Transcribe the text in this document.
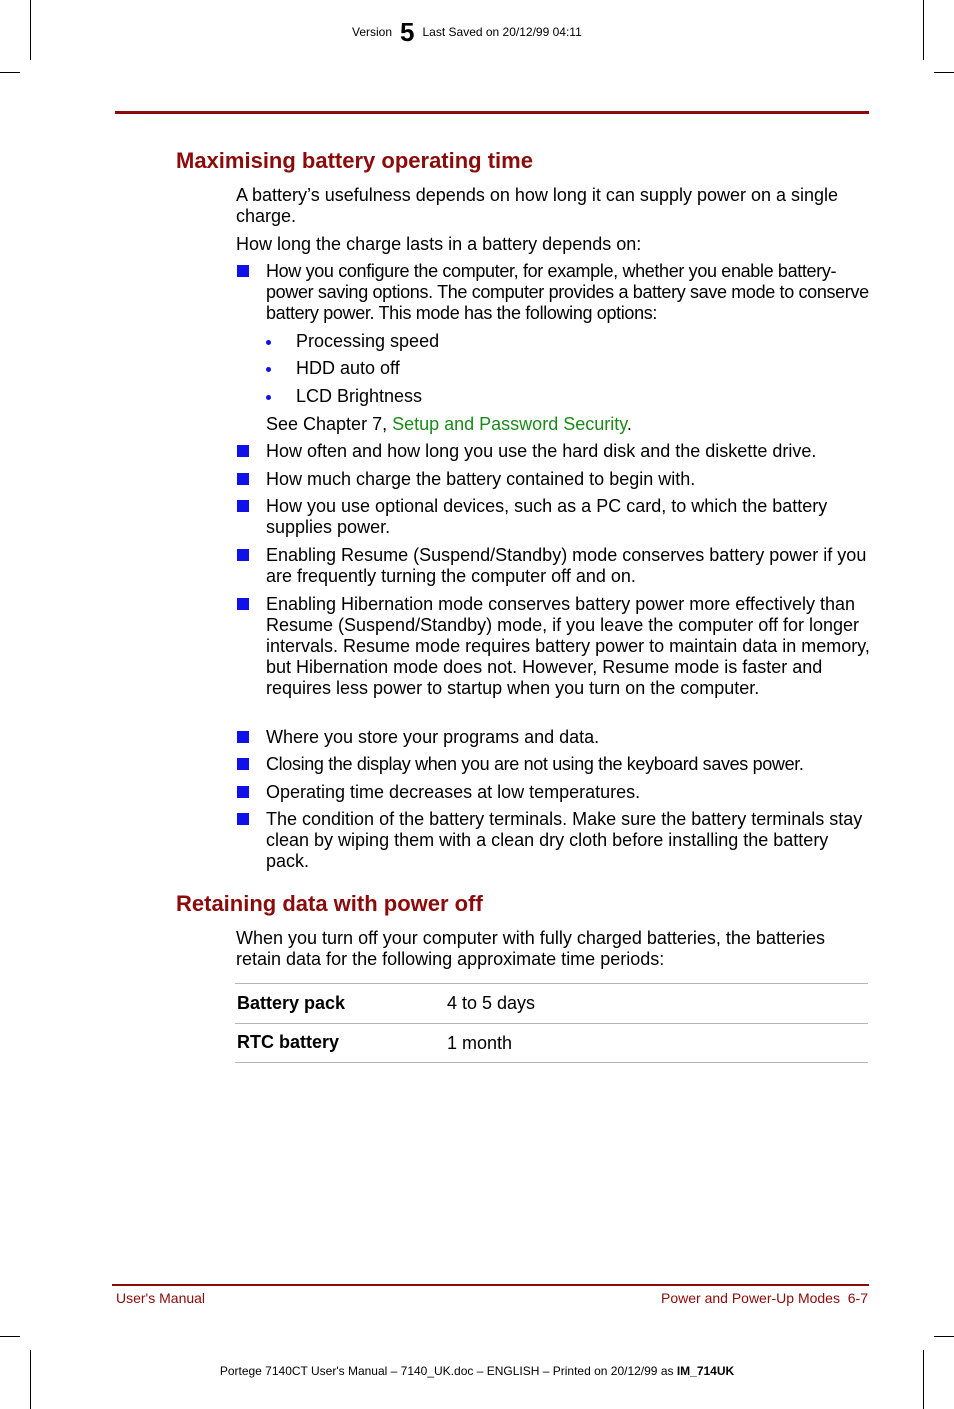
Version 5 Last Saved on 20/12/99 04:11
Maximising battery operating time

A battery’s usefulness depends on how long it can supply power on a single charge.

How long the charge lasts in a battery depends on:

How you configure the computer, for example, whether you enable battery-power saving options. The computer provides a battery save mode to conserve battery power. This mode has the following options:
Processing speed
HDD auto off
LCD Brightness
See Chapter 7, Setup and Password Security.
How often and how long you use the hard disk and the diskette drive.
How much charge the battery contained to begin with.
How you use optional devices, such as a PC card, to which the battery supplies power.
Enabling Resume (Suspend/Standby) mode conserves battery power if you are frequently turning the computer off and on.
Enabling Hibernation mode conserves battery power more effectively than Resume (Suspend/Standby) mode, if you leave the computer off for longer intervals. Resume mode requires battery power to maintain data in memory, but Hibernation mode does not. However, Resume mode is faster and requires less power to startup when you turn on the computer.
Where you store your programs and data.
Closing the display when you are not using the keyboard saves power.
Operating time decreases at low temperatures.
The condition of the battery terminals. Make sure the battery terminals stay clean by wiping them with a clean dry cloth before installing the battery pack.
Retaining data with power off

When you turn off your computer with fully charged batteries, the batteries retain data for the following approximate time periods:

Battery pack	4 to 5 days
RTC battery	1 month
User's Manual	Power and Power-Up Modes  6-7
Portege 7140CT User's Manual – 7140_UK.doc – ENGLISH – Printed on 20/12/99 as IM_714UK
